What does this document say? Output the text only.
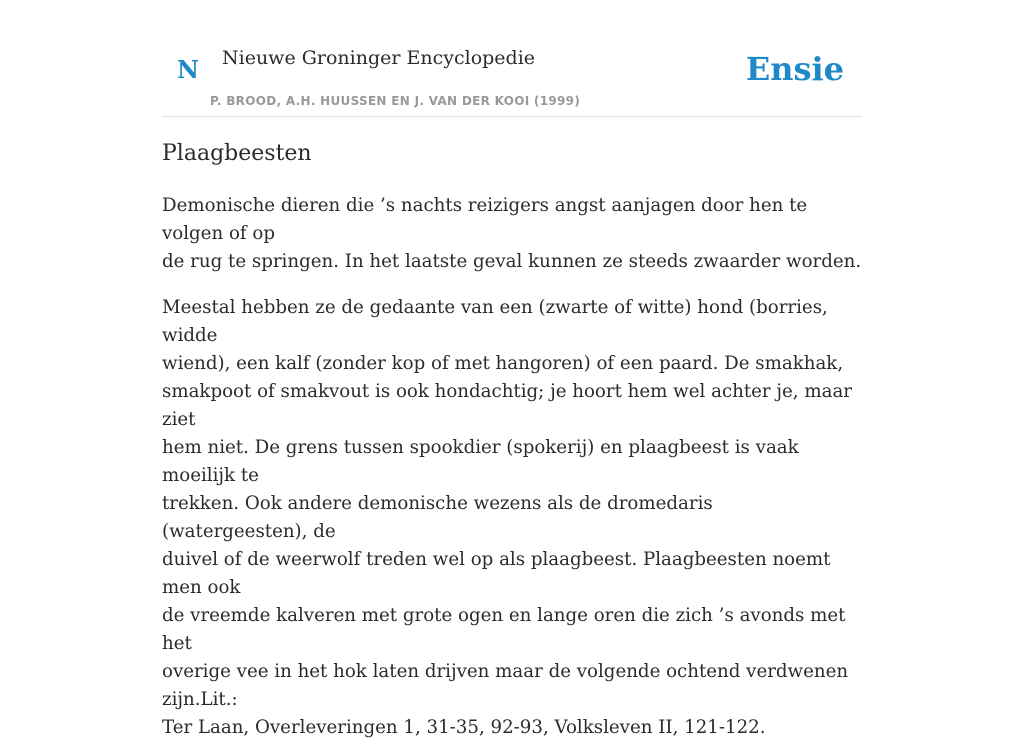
N Nieuwe Groninger Encyclopedie
P. BROOD, A.H. HUUSSEN EN J. VAN DER KOOI (1999)
Ensie
Plaagbeesten

Demonische dieren die ’s nachts reizigers angst aanjagen door hen te volgen of op
de rug te springen. In het laatste geval kunnen ze steeds zwaarder worden.

Meestal hebben ze de gedaante van een (zwarte of witte) hond (borries, widde
wiend), een kalf (zonder kop of met hangoren) of een paard. De smakhak,
smakpoot of smakvout is ook hondachtig; je hoort hem wel achter je, maar ziet
hem niet. De grens tussen spookdier (spokerij) en plaagbeest is vaak moeilijk te
trekken. Ook andere demonische wezens als de dromedaris (watergeesten), de
duivel of de weerwolf treden wel op als plaagbeest. Plaagbeesten noemt men ook
de vreemde kalveren met grote ogen en lange oren die zich ’s avonds met het
overige vee in het hok laten drijven maar de volgende ochtend verdwenen zijn.Lit.:
Ter Laan, Overleveringen 1, 31-35, 92-93, Volksleven II, 121-122.
